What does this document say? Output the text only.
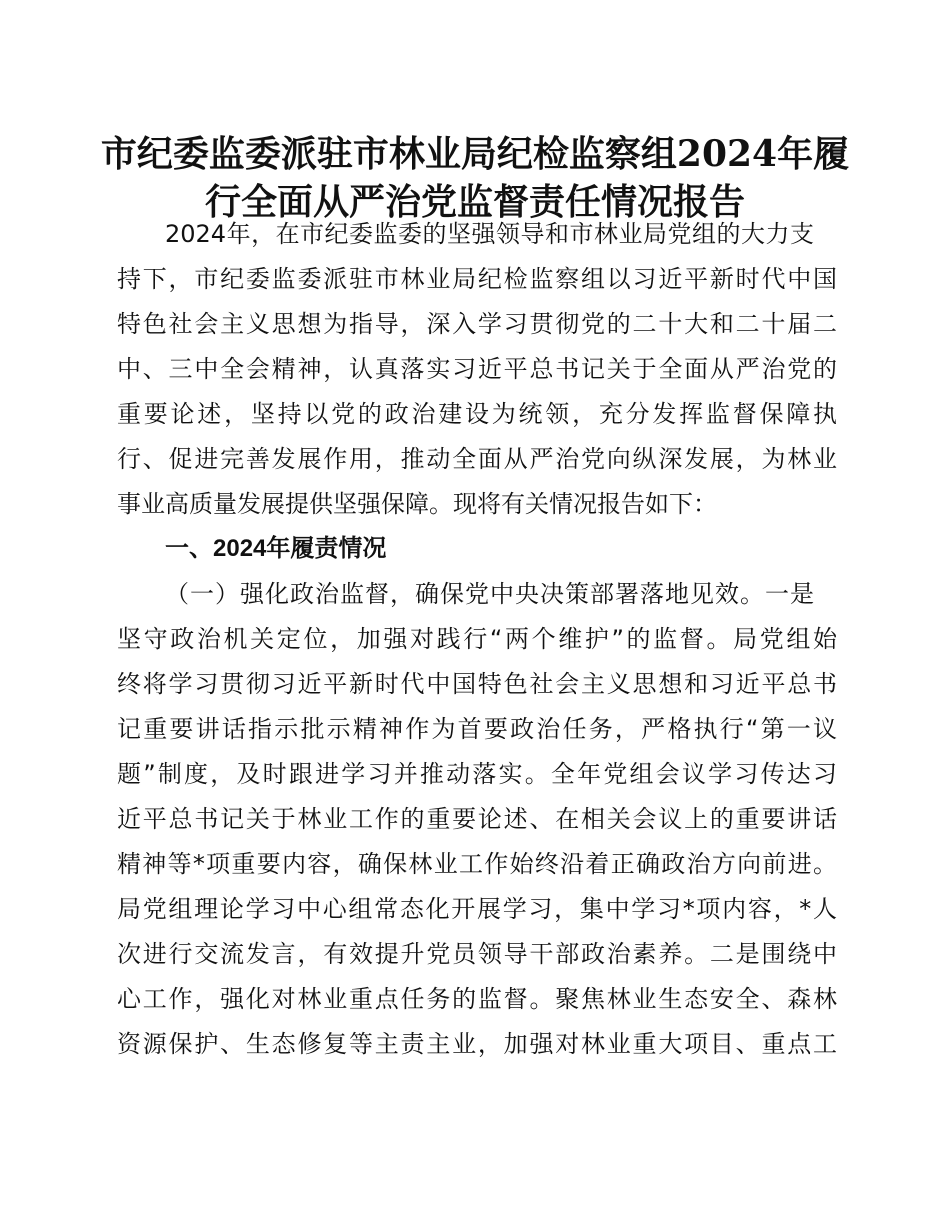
市纪委监委派驻市林业局纪检监察组2024年履
行全面从严治党监督责任情况报告
2024年，在市纪委监委的坚强领导和市林业局党组的大力支
持下，市纪委监委派驻市林业局纪检监察组以习近平新时代中国
特色社会主义思想为指导，深入学习贯彻党的二十大和二十届二
中、三中全会精神，认真落实习近平总书记关于全面从严治党的
重要论述，坚持以党的政治建设为统领，充分发挥监督保障执
行、促进完善发展作用，推动全面从严治党向纵深发展，为林业
事业高质量发展提供坚强保障。现将有关情况报告如下：
一、2024年履责情况
（一）强化政治监督，确保党中央决策部署落地见效。一是
坚守政治机关定位，加强对践行“两个维护”的监督。局党组始
终将学习贯彻习近平新时代中国特色社会主义思想和习近平总书
记重要讲话指示批示精神作为首要政治任务，严格执行“第一议
题”制度，及时跟进学习并推动落实。全年党组会议学习传达习
近平总书记关于林业工作的重要论述、在相关会议上的重要讲话
精神等*项重要内容，确保林业工作始终沿着正确政治方向前进。
局党组理论学习中心组常态化开展学习，集中学习*项内容，*人
次进行交流发言，有效提升党员领导干部政治素养。二是围绕中
心工作，强化对林业重点任务的监督。聚焦林业生态安全、森林
资源保护、生态修复等主责主业，加强对林业重大项目、重点工
